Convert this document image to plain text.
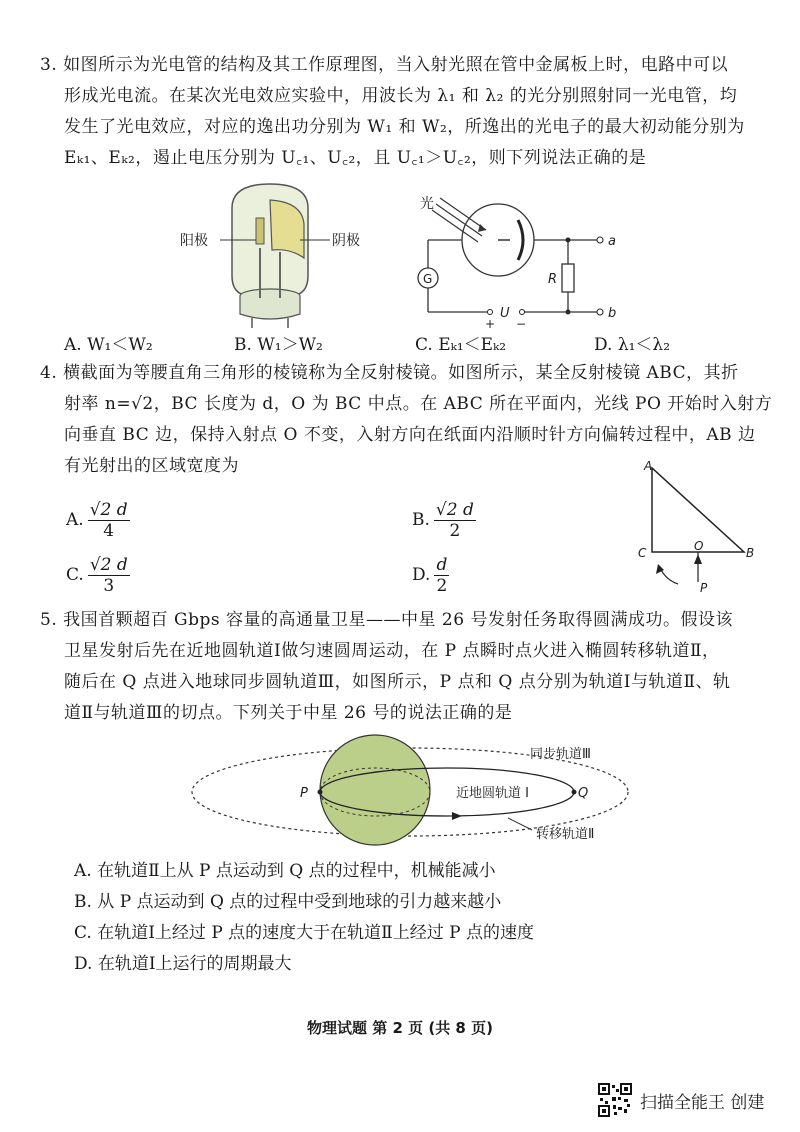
3. 如图所示为光电管的结构及其工作原理图，当入射光照在管中金属板上时，电路中可以
形成光电流。在某次光电效应实验中，用波长为 λ₁ 和 λ₂ 的光分别照射同一光电管，均
发生了光电效应，对应的逸出功分别为 W₁ 和 W₂，所逸出的光电子的最大初动能分别为
Eₖ₁、Eₖ₂，遏止电压分别为 U꜀₁、U꜀₂，且 U꜀₁＞U꜀₂，则下列说法正确的是
阳极	阴极
光
a
R
b
G
U
+ −
A. W₁＜W₂	B. W₁＞W₂	C. Eₖ₁＜Eₖ₂	D. λ₁＜λ₂
4. 横截面为等腰直角三角形的棱镜称为全反射棱镜。如图所示，某全反射棱镜 ABC，其折
射率 n=√2，BC 长度为 d，O 为 BC 中点。在 ABC 所在平面内，光线 PO 开始时入射方
向垂直 BC 边，保持入射点 O 不变，入射方向在纸面内沿顺时针方向偏转过程中，AB 边
有光射出的区域宽度为
A. $\frac{√2 d}{4}$	B. $\frac{√2 d}{2}$
C. $\frac{√2 d}{3}$	D. $\frac{d}{2}$
A
C	B
O
P
5. 我国首颗超百 Gbps 容量的高通量卫星——中星 26 号发射任务取得圆满成功。假设该
卫星发射后先在近地圆轨道Ⅰ做匀速圆周运动，在 P 点瞬时点火进入椭圆转移轨道Ⅱ，
随后在 Q 点进入地球同步圆轨道Ⅲ，如图所示，P 点和 Q 点分别为轨道Ⅰ与轨道Ⅱ、轨
道Ⅱ与轨道Ⅲ的切点。下列关于中星 26 号的说法正确的是
P	Q
近地圆轨道 Ⅰ
同步轨道Ⅲ
转移轨道Ⅱ
A. 在轨道Ⅱ上从 P 点运动到 Q 点的过程中，机械能减小
B. 从 P 点运动到 Q 点的过程中受到地球的引力越来越小
C. 在轨道Ⅰ上经过 P 点的速度大于在轨道Ⅱ上经过 P 点的速度
D. 在轨道Ⅰ上运行的周期最大
物理试题 第 2 页 (共 8 页)
扫描全能王 创建
